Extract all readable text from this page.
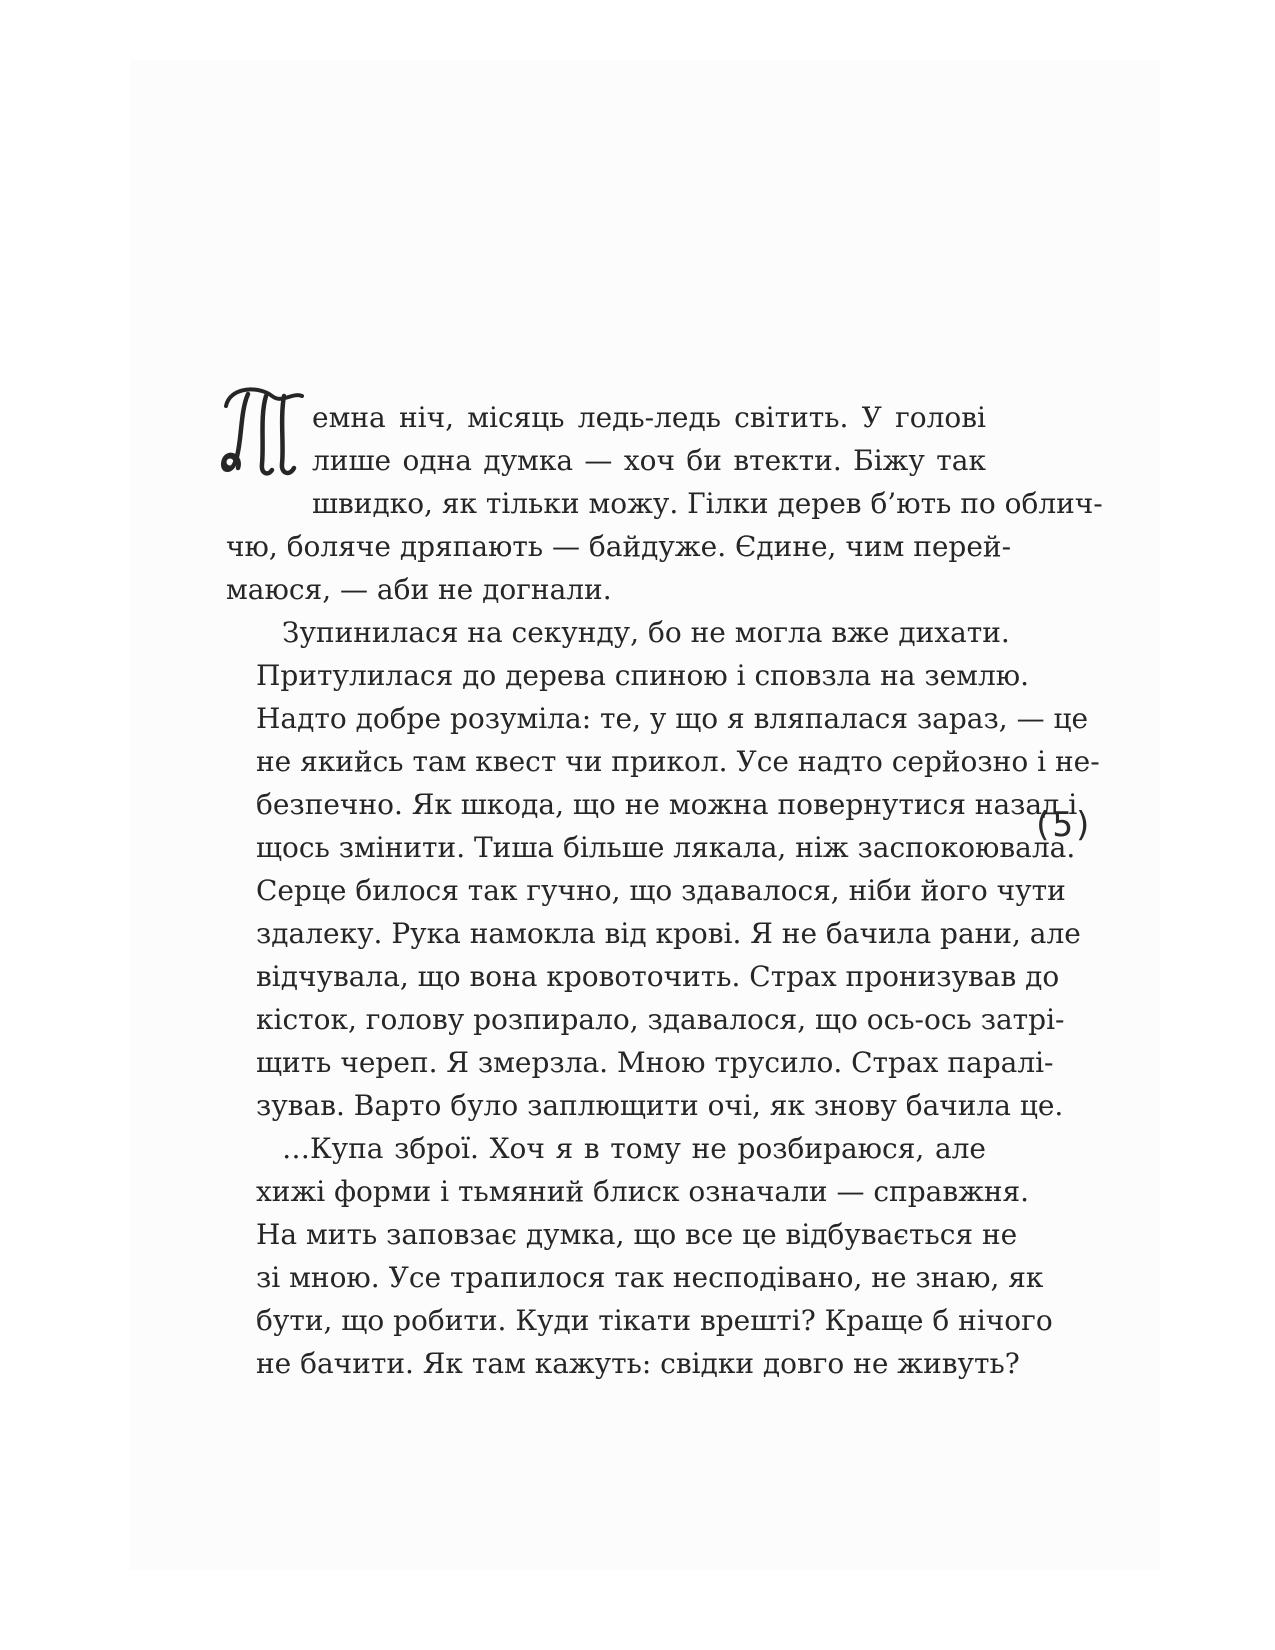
емна ніч, місяць ледь-ледь світить. У голові
лише одна думка — хоч би втекти. Біжу так
швидко, як тільки можу. Гілки дерев б’ють по облич-
чю, боляче дряпають — байдуже. Єдине, чим перей-
маюся, — аби не догнали.

Зупинилася на секунду, бо не могла вже дихати.
Притулилася до дерева спиною і сповзла на землю.
Надто добре розуміла: те, у що я вляпалася зараз, — це
не якийсь там квест чи прикол. Усе надто серйозно і не-
безпечно. Як шкода, що не можна повернутися назад і
щось змінити. Тиша більше лякала, ніж заспокоювала.
Серце билося так гучно, що здавалося, ніби його чути
здалеку. Рука намокла від крові. Я не бачила рани, але
відчувала, що вона кровоточить. Страх пронизував до
кісток, голову розпирало, здавалося, що ось-ось затрі-
щить череп. Я змерзла. Мною трусило. Страх паралі-
зував. Варто було заплющити очі, як знову бачила це.

…Купа зброї. Хоч я в тому не розбираюся, але
хижі форми і тьмяний блиск означали — справжня.
На мить заповзає думка, що все це відбувається не
зі мною. Усе трапилося так несподівано, не знаю, як
бути, що робити. Куди тікати врешті? Краще б нічого
не бачити. Як там кажуть: свідки довго не живуть?

(5)
